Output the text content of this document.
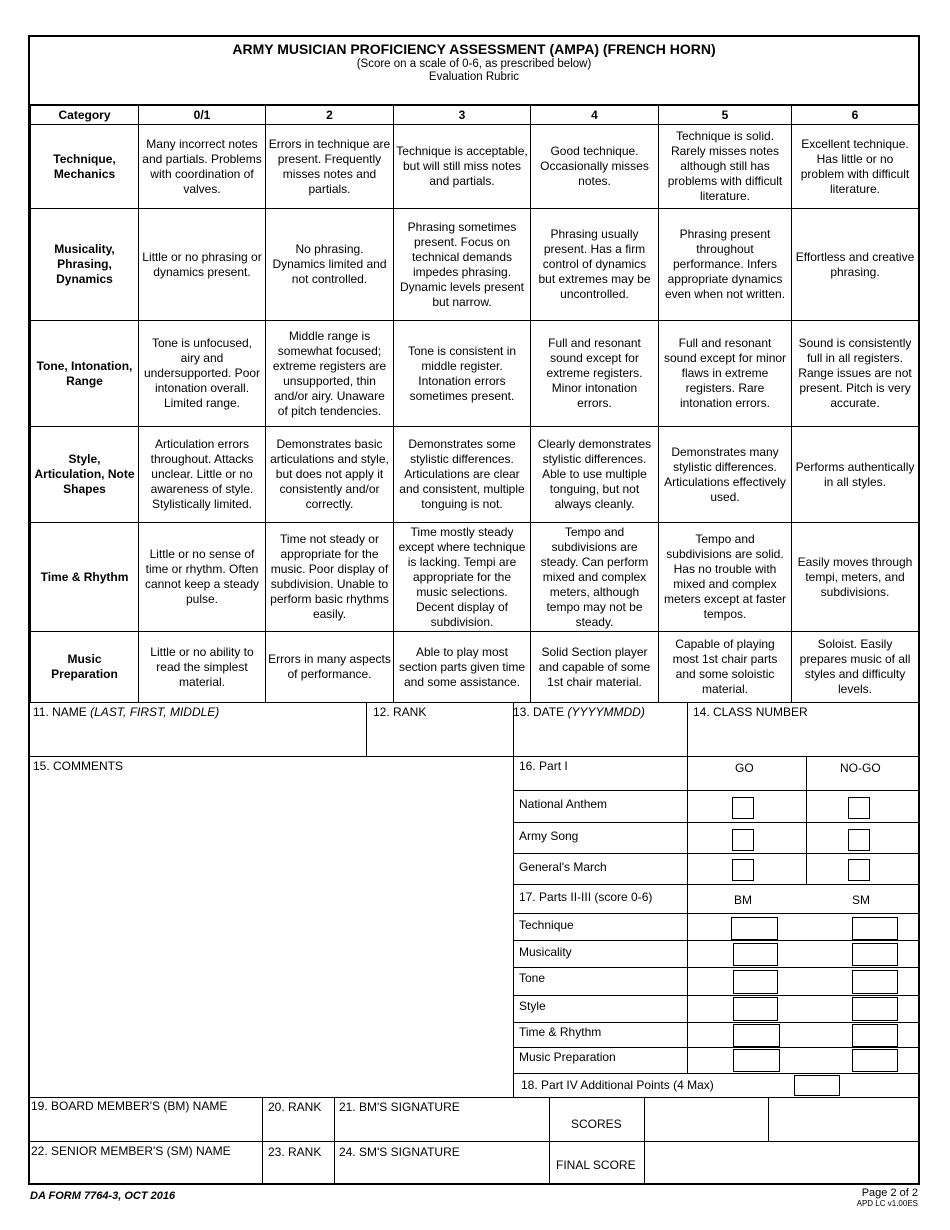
ARMY MUSICIAN PROFICIENCY ASSESSMENT (AMPA) (FRENCH HORN)
(Score on a scale of 0-6, as prescribed below)
Evaluation Rubric
Category	0/1	2	3	4	5	6
Technique, Mechanics	Many incorrect notes and partials. Problems with coordination of valves.	Errors in technique are present. Frequently misses notes and partials.	Technique is acceptable, but will still miss notes and partials.	Good technique. Occasionally misses notes.	Technique is solid. Rarely misses notes although still has problems with difficult literature.	Excellent technique. Has little or no problem with difficult literature.
Musicality, Phrasing, Dynamics	Little or no phrasing or dynamics present.	No phrasing. Dynamics limited and not controlled.	Phrasing sometimes present. Focus on technical demands impedes phrasing. Dynamic levels present but narrow.	Phrasing usually present. Has a firm control of dynamics but extremes may be uncontrolled.	Phrasing present throughout performance. Infers appropriate dynamics even when not written.	Effortless and creative phrasing.
Tone, Intonation, Range	Tone is unfocused, airy and undersupported. Poor intonation overall. Limited range.	Middle range is somewhat focused; extreme registers are unsupported, thin and/or airy. Unaware of pitch tendencies.	Tone is consistent in middle register. Intonation errors sometimes present.	Full and resonant sound except for extreme registers. Minor intonation errors.	Full and resonant sound except for minor flaws in extreme registers. Rare intonation errors.	Sound is consistently full in all registers. Range issues are not present. Pitch is very accurate.
Style, Articulation, Note Shapes	Articulation errors throughout. Attacks unclear. Little or no awareness of style. Stylistically limited.	Demonstrates basic articulations and style, but does not apply it consistently and/or correctly.	Demonstrates some stylistic differences. Articulations are clear and consistent, multiple tonguing is not.	Clearly demonstrates stylistic differences. Able to use multiple tonguing, but not always cleanly.	Demonstrates many stylistic differences. Articulations effectively used.	Performs authentically in all styles.
Time & Rhythm	Little or no sense of time or rhythm. Often cannot keep a steady pulse.	Time not steady or appropriate for the music. Poor display of subdivision. Unable to perform basic rhythms easily.	Time mostly steady except where technique is lacking. Tempi are appropriate for the music selections. Decent display of subdivision.	Tempo and subdivisions are steady. Can perform mixed and complex meters, although tempo may not be steady.	Tempo and subdivisions are solid. Has no trouble with mixed and complex meters except at faster tempos.	Easily moves through tempi, meters, and subdivisions.
Music Preparation	Little or no ability to read the simplest material.	Errors in many aspects of performance.	Able to play most section parts given time and some assistance.	Solid Section player and capable of some 1st chair material.	Capable of playing most 1st chair parts and some soloistic material.	Soloist. Easily prepares music of all styles and difficulty levels.
11. NAME (LAST, FIRST, MIDDLE)	12. RANK	13. DATE (YYYYMMDD)	14. CLASS NUMBER
15. COMMENTS	16. Part I	GO	NO-GO
National Anthem
Army Song
General's March
17. Parts II-III (score 0-6)	BM	SM
Technique
Musicality
Tone
Style
Time & Rhythm
Music Preparation
18. Part IV Additional Points (4 Max)
19. BOARD MEMBER'S (BM) NAME	20. RANK 21. BM'S SIGNATURE
SCORES
22. SENIOR MEMBER'S (SM) NAME	23. RANK 24. SM'S SIGNATURE
FINAL SCORE
DA FORM 7764-3, OCT 2016	Page 2 of 2
APD LC v1.00ES
